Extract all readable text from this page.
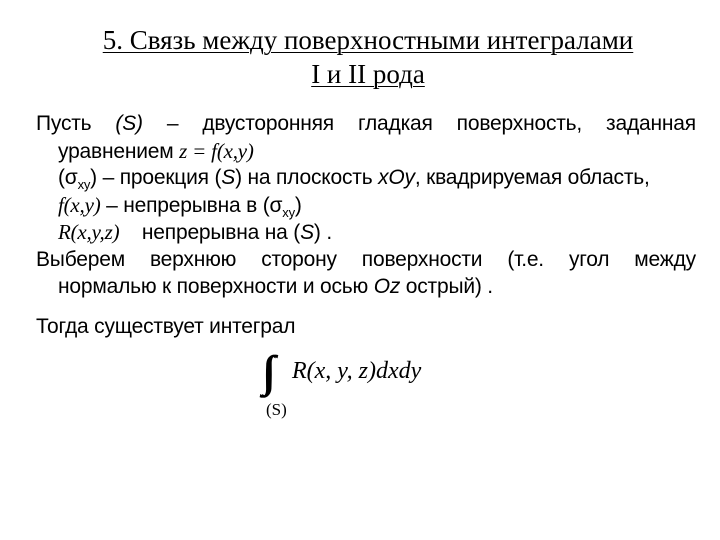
5. Связь между поверхностными интегралами
I и II рода
Пусть (S) – двусторонняя гладкая поверхность, заданная
уравнением z = f(x,y)
$(\sigma_{xy})$ – проекция (S) на плоскость xOy, квадрируемая область,
f(x,y) – непрерывна в $(\sigma_{xy})$
R(x,y,z)    непрерывна на (S) .
Выберем верхнюю сторону поверхности (т.е. угол между
нормалью к поверхности и осью Oz острый) .
Тогда существует интеграл
∫∫ R(x, y, z)dxdy
(S)
